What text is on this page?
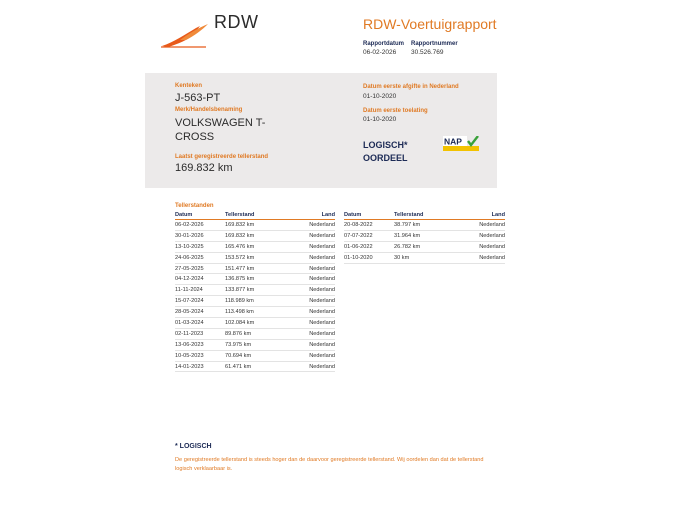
RDW	RDW-Voertuigrapport
Rapportdatum
06-02-2026
Rapportnummer
30.526.769
Kenteken
J-563-PT
Merk/Handelsbenaming
VOLKSWAGEN T-
CROSS
Laatst geregistreerde tellerstand
169.832 km
Datum eerste afgifte in Nederland
01-10-2020
Datum eerste toelating
01-10-2020
LOGISCH*
OORDEEL
NAP
Tellerstanden
Datum	Tellerstand	Land
06-02-2026	169.832 km	Nederland
30-01-2026	169.832 km	Nederland
13-10-2025	165.476 km	Nederland
24-06-2025	153.572 km	Nederland
27-05-2025	151.477 km	Nederland
04-12-2024	136.875 km	Nederland
11-11-2024	133.877 km	Nederland
15-07-2024	118.989 km	Nederland
28-05-2024	113.498 km	Nederland
01-03-2024	102.084 km	Nederland
02-11-2023	89.876 km	Nederland
13-06-2023	73.975 km	Nederland
10-05-2023	70.694 km	Nederland
14-01-2023	61.471 km	Nederland
Datum	Tellerstand	Land
20-08-2022	38.797 km	Nederland
07-07-2022	31.964 km	Nederland
01-06-2022	26.782 km	Nederland
01-10-2020	30 km	Nederland
* LOGISCH
De geregistreerde tellerstand is steeds hoger dan de daarvoor geregistreerde tellerstand. Wij oordelen dan dat de tellerstand logisch verklaarbaar is.
